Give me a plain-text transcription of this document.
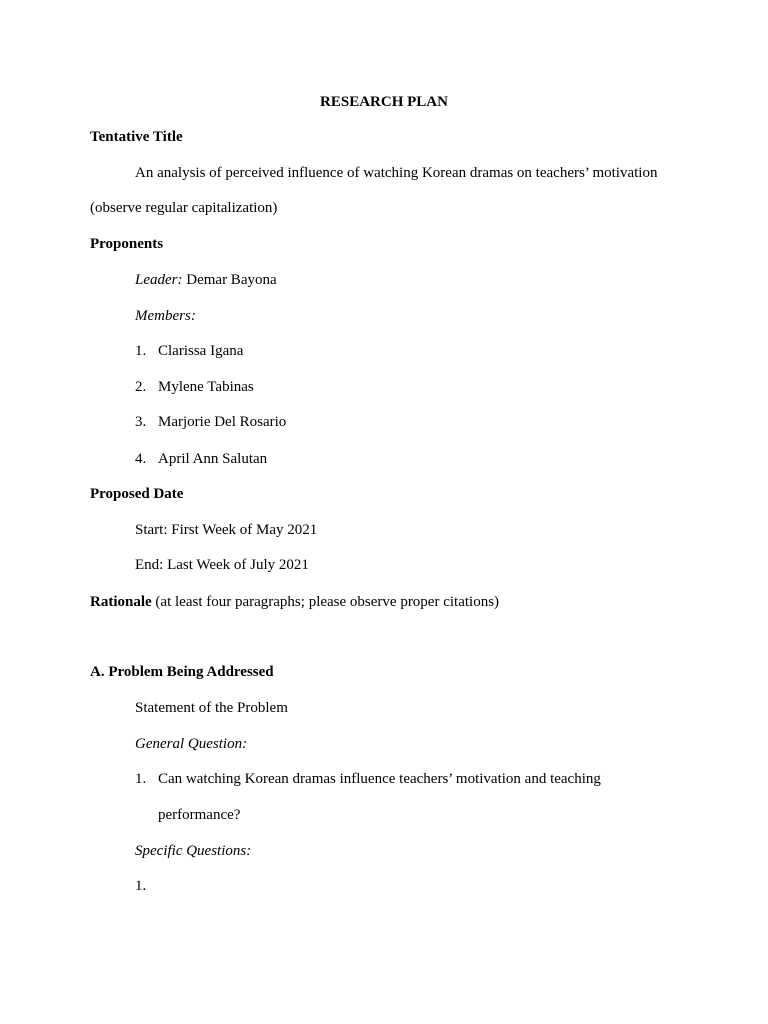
RESEARCH PLAN
Tentative Title
An analysis of perceived influence of watching Korean dramas on teachers’ motivation
(observe regular capitalization)
Proponents
Leader: Demar Bayona
Members:
1. Clarissa Igana
2. Mylene Tabinas
3. Marjorie Del Rosario
4. April Ann Salutan
Proposed Date
Start: First Week of May 2021
End: Last Week of July 2021
Rationale (at least four paragraphs; please observe proper citations)
A. Problem Being Addressed
Statement of the Problem
General Question:
1. Can watching Korean dramas influence teachers’ motivation and teaching
performance?
Specific Questions:
1.
